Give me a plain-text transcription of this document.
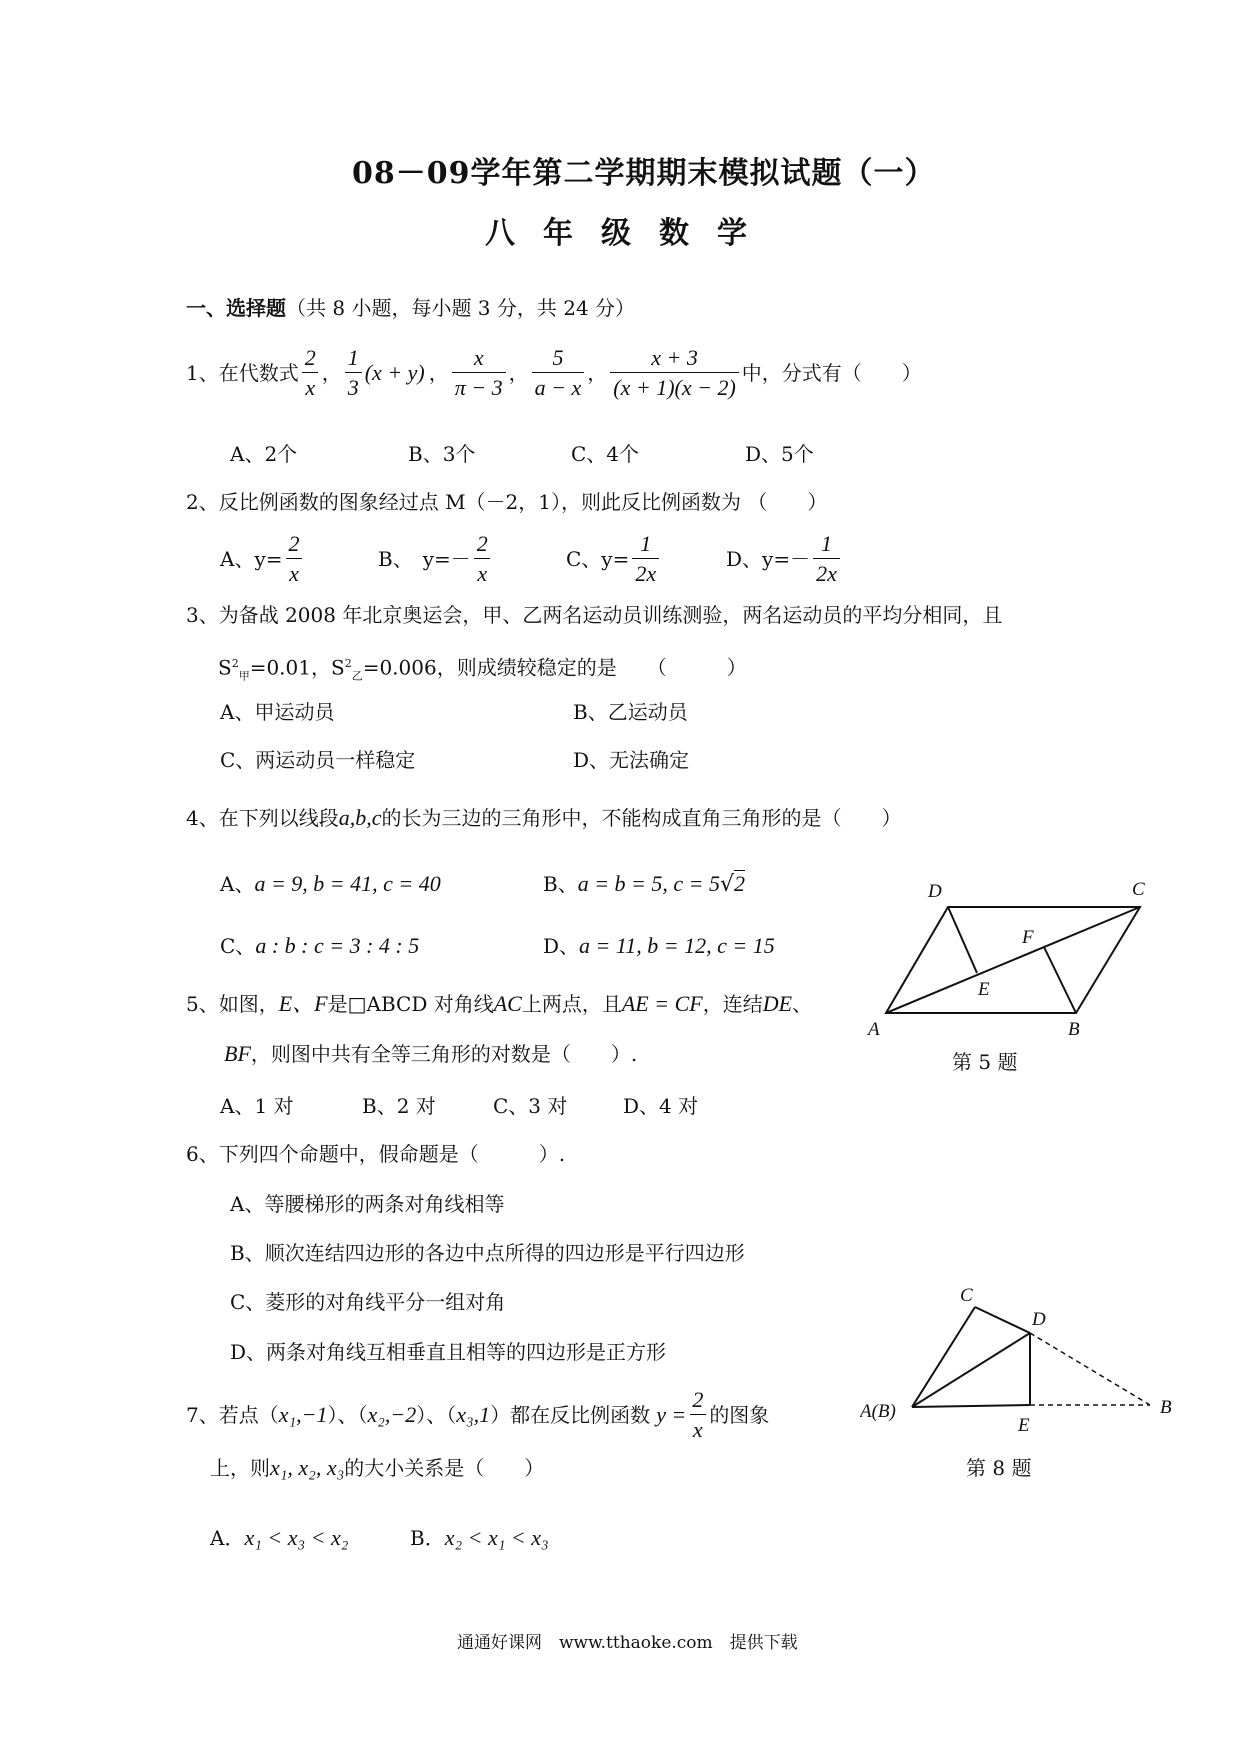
08－09学年第二学期期末模拟试题（一）
八年级数学
一、选择题（共 8 小题，每小题 3 分，共 24 分）
1、在代数式 $\frac{2}{x}$ ， $\frac{1}{3} (x + y)$ ， $\frac{x}{\pi - 3}$ ， $\frac{5}{a - x}$ ， $\frac{x + 3}{(x + 1)(x - 2)}$ 中，分式有（　　）
A、2个	B、3个	C、4个	D、5个
2、反比例函数的图象经过点 M（－2，1），则此反比例函数为 （　　）
A、$y= \frac{2}{x}$	B、　$y=- \frac{2}{x}$	C、$y= \frac{1}{2x}$	D、$y=- \frac{1}{2x}$
3、为备战 2008 年北京奥运会，甲、乙两名运动员训练测验，两名运动员的平均分相同，且
$S^2_甲=0.01$，$S^2_乙=0.006$，则成绩较稳定的是　　（　　　）
A、甲运动员	B、乙运动员
C、两运动员一样稳定	D、无法确定
4、在下列以线段a,b,c的长为三边的三角形中，不能构成直角三角形的是（　　）
A、a = 9, b = 41, c = 40	B、a = b = 5, c = 5√2
C、a : b : c = 3 : 4 : 5	D、a = 11, b = 12, c = 15
5、如图，E、F是□ABCD 对角线AC上两点，且AE = CF，连结DE、
BF，则图中共有全等三角形的对数是（　　）.
A、1 对	B、2 对	C、3 对	D、4 对
D	C
F
E
A	B
第 5 题
6、下列四个命题中，假命题是（　　　）.
A、等腰梯形的两条对角线相等
B、顺次连结四边形的各边中点所得的四边形是平行四边形
C、菱形的对角线平分一组对角
D、两条对角线互相垂直且相等的四边形是正方形
C
D
A(B)
E
B
第 8 题
7、若点（ x₁,−1 ）、（ x₂,−2 ）、（ x₃,1 ）都在反比例函数 $y = \frac{2}{x}$ 的图象
上，则x₁, x₂, x₃的大小关系是（　　）
A．x₁ < x₃ < x₂	B．x₂ < x₁ < x₃
通通好课网　www.tthaoke.com　提供下载
